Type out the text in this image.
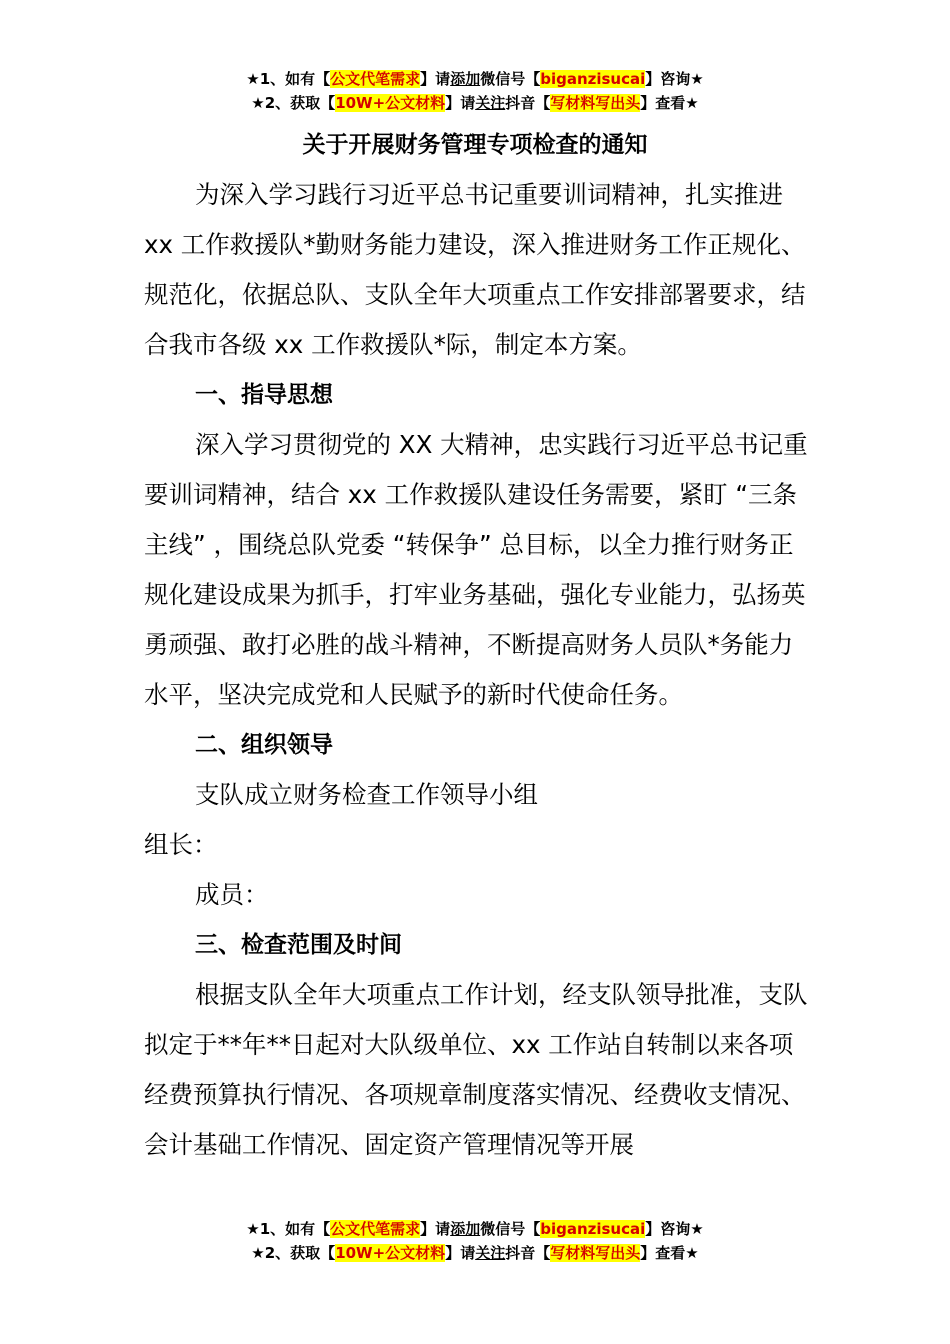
★1、如有【公文代笔需求】请添加微信号【biganzisucai】咨询★
★2、获取【10W+公文材料】请关注抖音【写材料写出头】查看★
关于开展财务管理专项检查的通知

为深入学习践行习近平总书记重要训词精神，扎实推进 xx 工作救援队*勤财务能力建设，深入推进财务工作正规化、规范化，依据总队、支队全年大项重点工作安排部署要求，结合我市各级 xx 工作救援队*际，制定本方案。

一、指导思想

深入学习贯彻党的 XX 大精神，忠实践行习近平总书记重要训词精神，结合 xx 工作救援队建设任务需要，紧盯 “三条主线” ，围绕总队党委 “转保争” 总目标，以全力推行财务正规化建设成果为抓手，打牢业务基础，强化专业能力，弘扬英勇顽强、敢打必胜的战斗精神，不断提高财务人员队*务能力水平，坚决完成党和人民赋予的新时代使命任务。

二、组织领导

支队成立财务检查工作领导小组

组长：

成员：

三、检查范围及时间

根据支队全年大项重点工作计划，经支队领导批准，支队拟定于**年**日起对大队级单位、xx 工作站自转制以来各项经费预算执行情况、各项规章制度落实情况、经费收支情况、会计基础工作情况、固定资产管理情况等开展

★1、如有【公文代笔需求】请添加微信号【biganzisucai】咨询★
★2、获取【10W+公文材料】请关注抖音【写材料写出头】查看★
